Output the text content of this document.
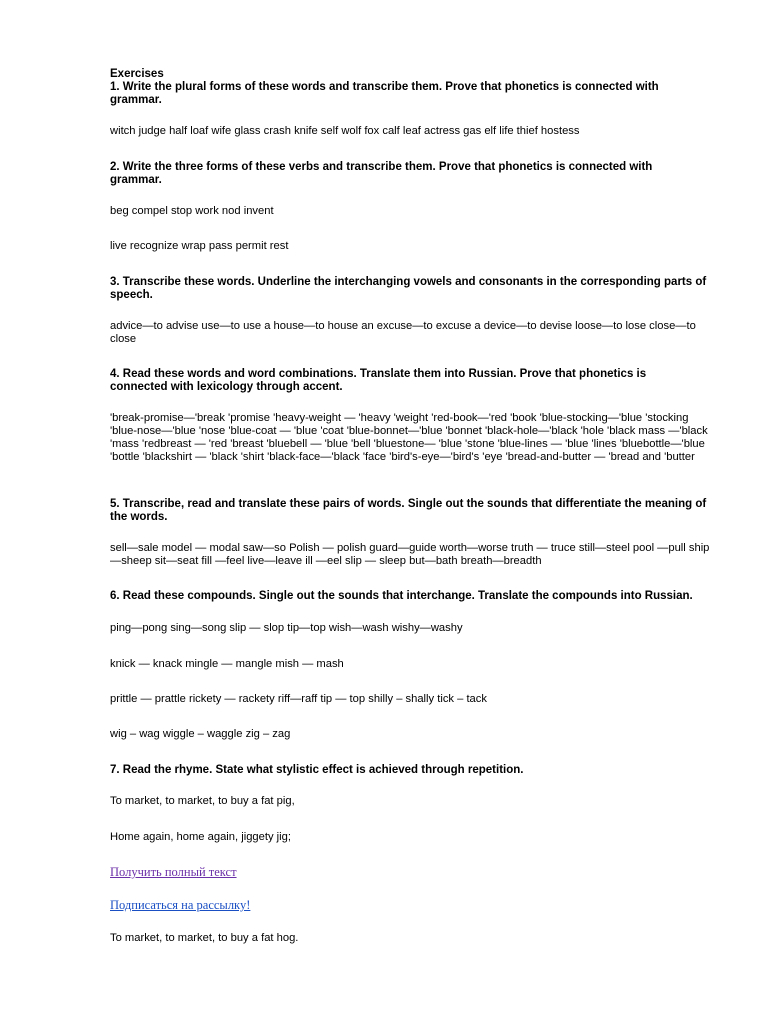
Exercises

1. Write the plural forms of these words and transcribe them. Prove that phonetics is connected with grammar.

witch judge half loaf wife glass crash knife self wolf fox calf leaf actress gas elf life thief hostess

2. Write the three forms of these verbs and transcribe them. Prove that phonetics is connected with grammar.

beg compel stop work nod invent

live recognize wrap pass permit rest

3. Transcribe these words. Underline the interchanging vowels and consonants in the corresponding parts of speech.

advice—to advise use—to use a house—to house an excuse—to excuse a device—to devise loose—to lose close—to close

4. Read these words and word combinations. Translate them into Russian. Prove that phonetics is connected with lexicology through accent.

'break-promise—'break 'promise 'heavy-weight — 'heavy 'weight 'red-book—'red 'book 'blue-stocking—'blue 'stocking 'blue-nose—'blue 'nose 'blue-coat — 'blue 'coat 'blue-bonnet—'blue 'bonnet 'black-hole—'black 'hole 'black mass —'black 'mass 'redbreast — 'red 'breast 'bluebell — 'blue 'bell 'bluestone— 'blue 'stone 'blue-lines — 'blue 'lines 'bluebottle—'blue 'bottle 'blackshirt — 'black 'shirt 'black-face—'black 'face 'bird's-eye—'bird's 'eye 'bread-and-butter — 'bread and 'butter

5. Transcribe, read and translate these pairs of words. Single out the sounds that differentiate the meaning of the words.

sell—sale model — modal saw—so Polish — polish guard—guide worth—worse truth — truce still—steel pool —pull ship—sheep sit—seat fill —feel live—leave ill —eel slip — sleep but—bath breath—breadth

6. Read these compounds. Single out the sounds that interchange. Translate the compounds into Russian.

ping—pong sing—song slip — slop tip—top wish—wash wishy—washy

knick — knack mingle — mangle mish — mash

prittle — prattle rickety — rackety riff—raff tip — top shilly – shally tick – tack

wig – wag wiggle – waggle zig – zag

7. Read the rhyme. State what stylistic effect is achieved through repetition.

To market, to market, to buy a fat pig,

Home again, home again, jiggety jig;

Получить полный текст
Подписаться на рассылку!

To market, to market, to buy a fat hog.
